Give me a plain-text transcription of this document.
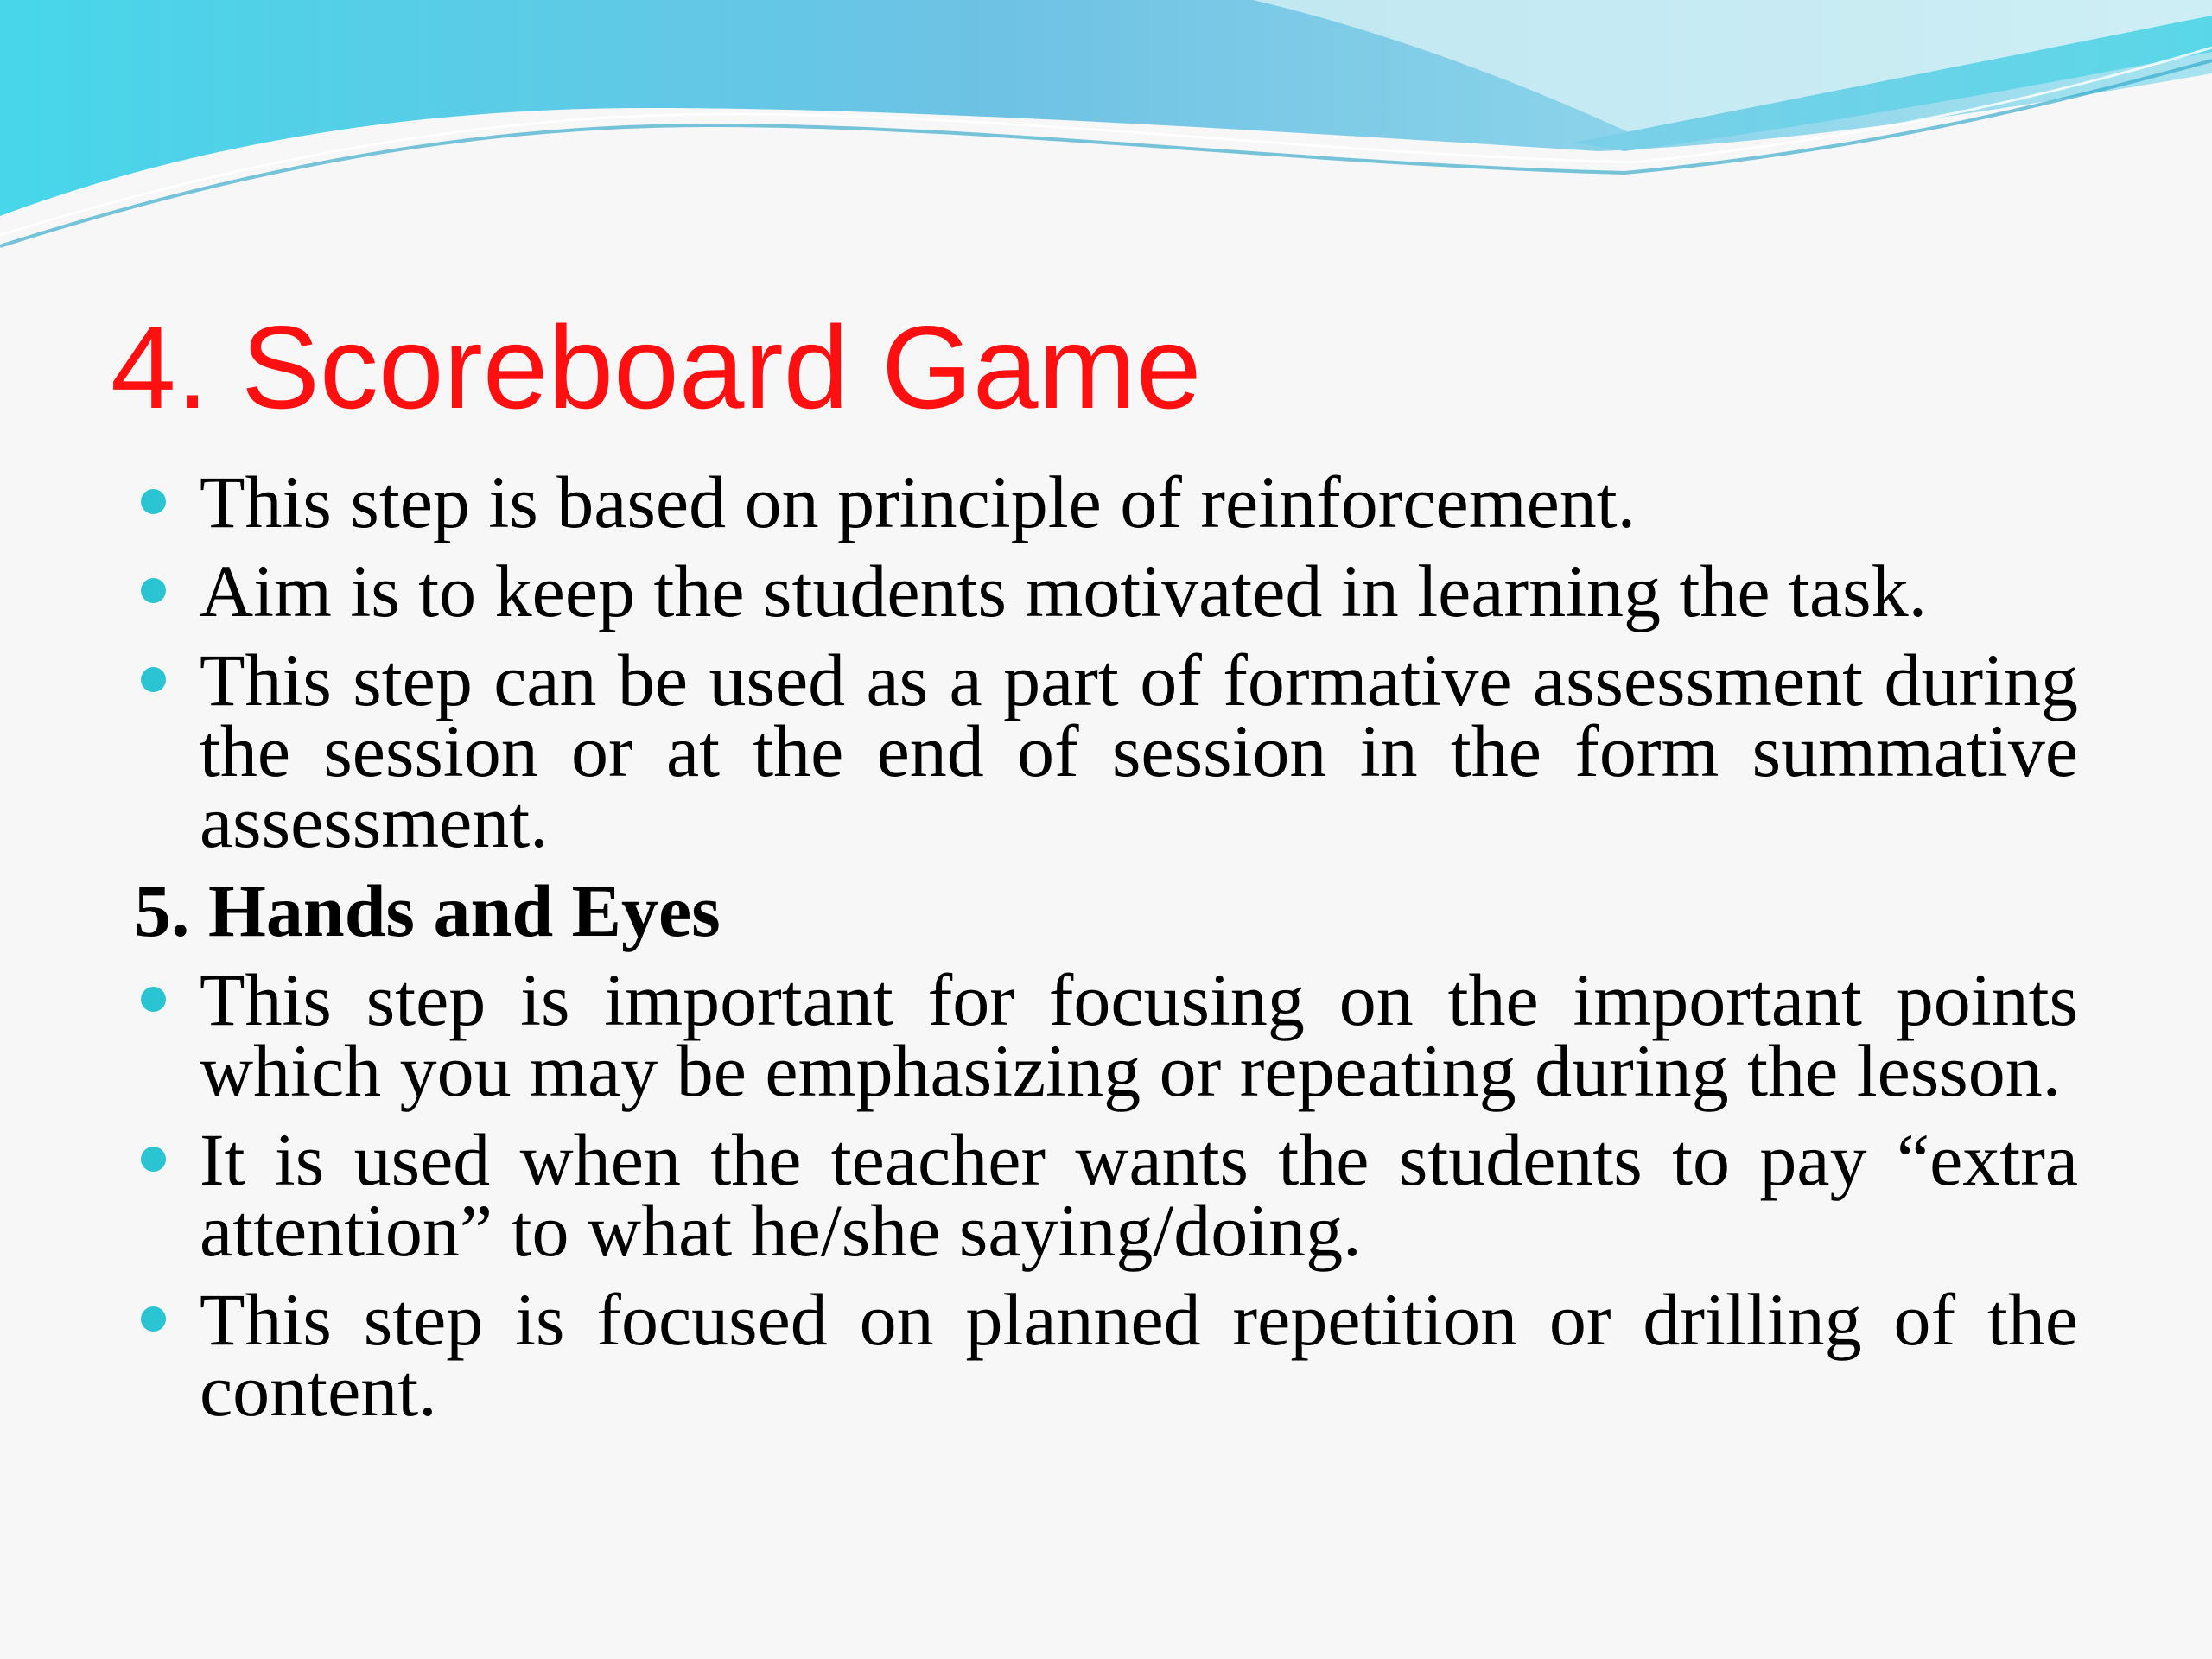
4. Scoreboard Game
This step is based on principle of reinforcement.
Aim is to keep the students motivated in learning the task.
This step can be used as a part of formative assessment during the session or at the end of session in the form summative assessment.
5. Hands and Eyes
This step is important for focusing on the important points which you may be emphasizing or repeating during the lesson.
It is used when the teacher wants the students to pay “extra attention” to what he/she saying/doing.
This step is focused on planned repetition or drilling of the content.
